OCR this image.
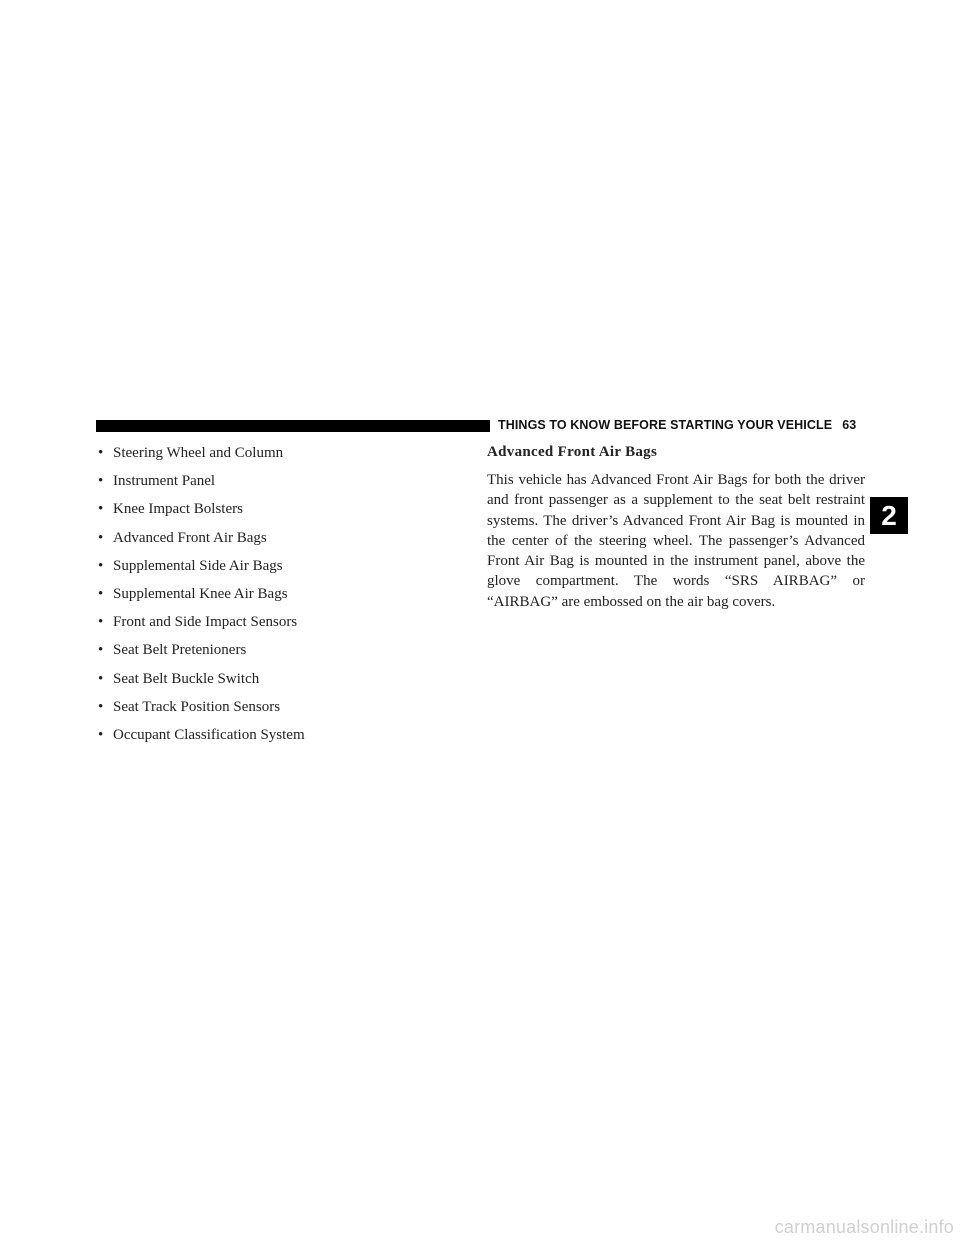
THINGS TO KNOW BEFORE STARTING YOUR VEHICLE 63
• Steering Wheel and Column
• Instrument Panel
• Knee Impact Bolsters
• Advanced Front Air Bags
• Supplemental Side Air Bags
• Supplemental Knee Air Bags
• Front and Side Impact Sensors
• Seat Belt Pretenioners
• Seat Belt Buckle Switch
• Seat Track Position Sensors
• Occupant Classification System
Advanced Front Air Bags

This vehicle has Advanced Front Air Bags for both the driver and front passenger as a supplement to the seat belt restraint systems. The driver’s Advanced Front Air Bag is mounted in the center of the steering wheel. The passenger’s Advanced Front Air Bag is mounted in the instrument panel, above the glove compartment. The words “SRS AIRBAG” or “AIRBAG” are embossed on the air bag covers.

2
carmanualsonline.info
